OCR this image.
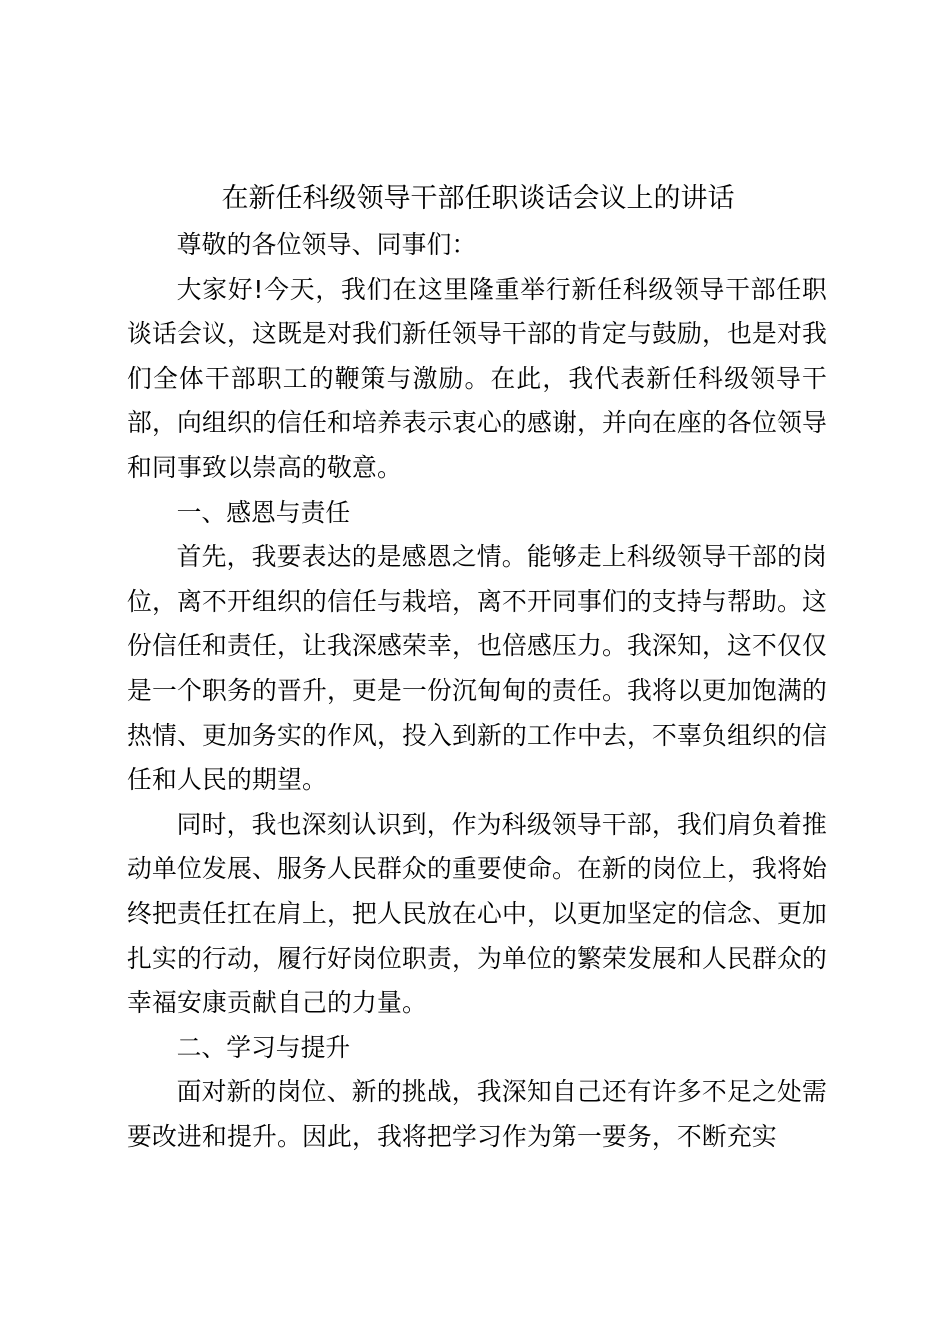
在新任科级领导干部任职谈话会议上的讲话

尊敬的各位领导、同事们：

大家好!今天，我们在这里隆重举行新任科级领导干部任职谈话会议，这既是对我们新任领导干部的肯定与鼓励，也是对我们全体干部职工的鞭策与激励。在此，我代表新任科级领导干部，向组织的信任和培养表示衷心的感谢，并向在座的各位领导和同事致以崇高的敬意。

一、感恩与责任

首先，我要表达的是感恩之情。能够走上科级领导干部的岗位，离不开组织的信任与栽培，离不开同事们的支持与帮助。这份信任和责任，让我深感荣幸，也倍感压力。我深知，这不仅仅是一个职务的晋升，更是一份沉甸甸的责任。我将以更加饱满的热情、更加务实的作风，投入到新的工作中去，不辜负组织的信任和人民的期望。

同时，我也深刻认识到，作为科级领导干部，我们肩负着推动单位发展、服务人民群众的重要使命。在新的岗位上，我将始终把责任扛在肩上，把人民放在心中，以更加坚定的信念、更加扎实的行动，履行好岗位职责，为单位的繁荣发展和人民群众的幸福安康贡献自己的力量。

二、学习与提升

面对新的岗位、新的挑战，我深知自己还有许多不足之处需要改进和提升。因此，我将把学习作为第一要务，不断充实
